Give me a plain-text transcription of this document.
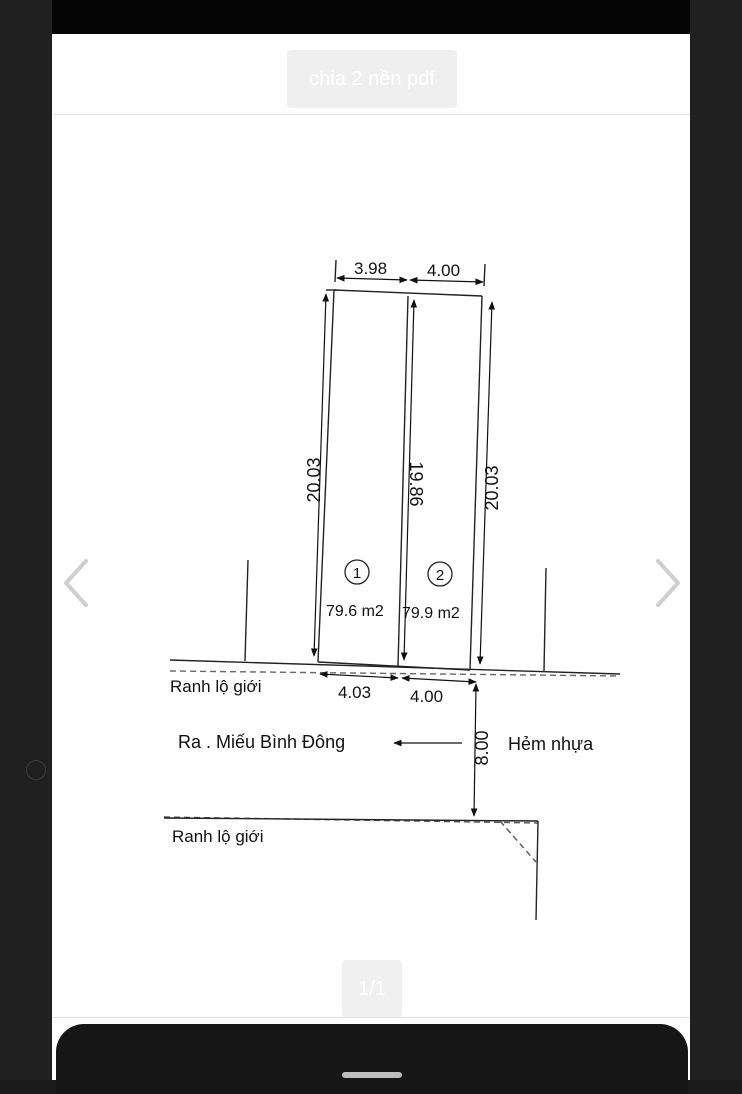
chia 2 nền pdf
3.98 4.00
20.03	19.86	20.03
1	2
79.6 m2 79.9 m2
Ranh lộ giới	4.03 4.00
Ra . Miếu Bình Đông	8.00 Hẻm nhựa
Ranh lộ giới
1/1
